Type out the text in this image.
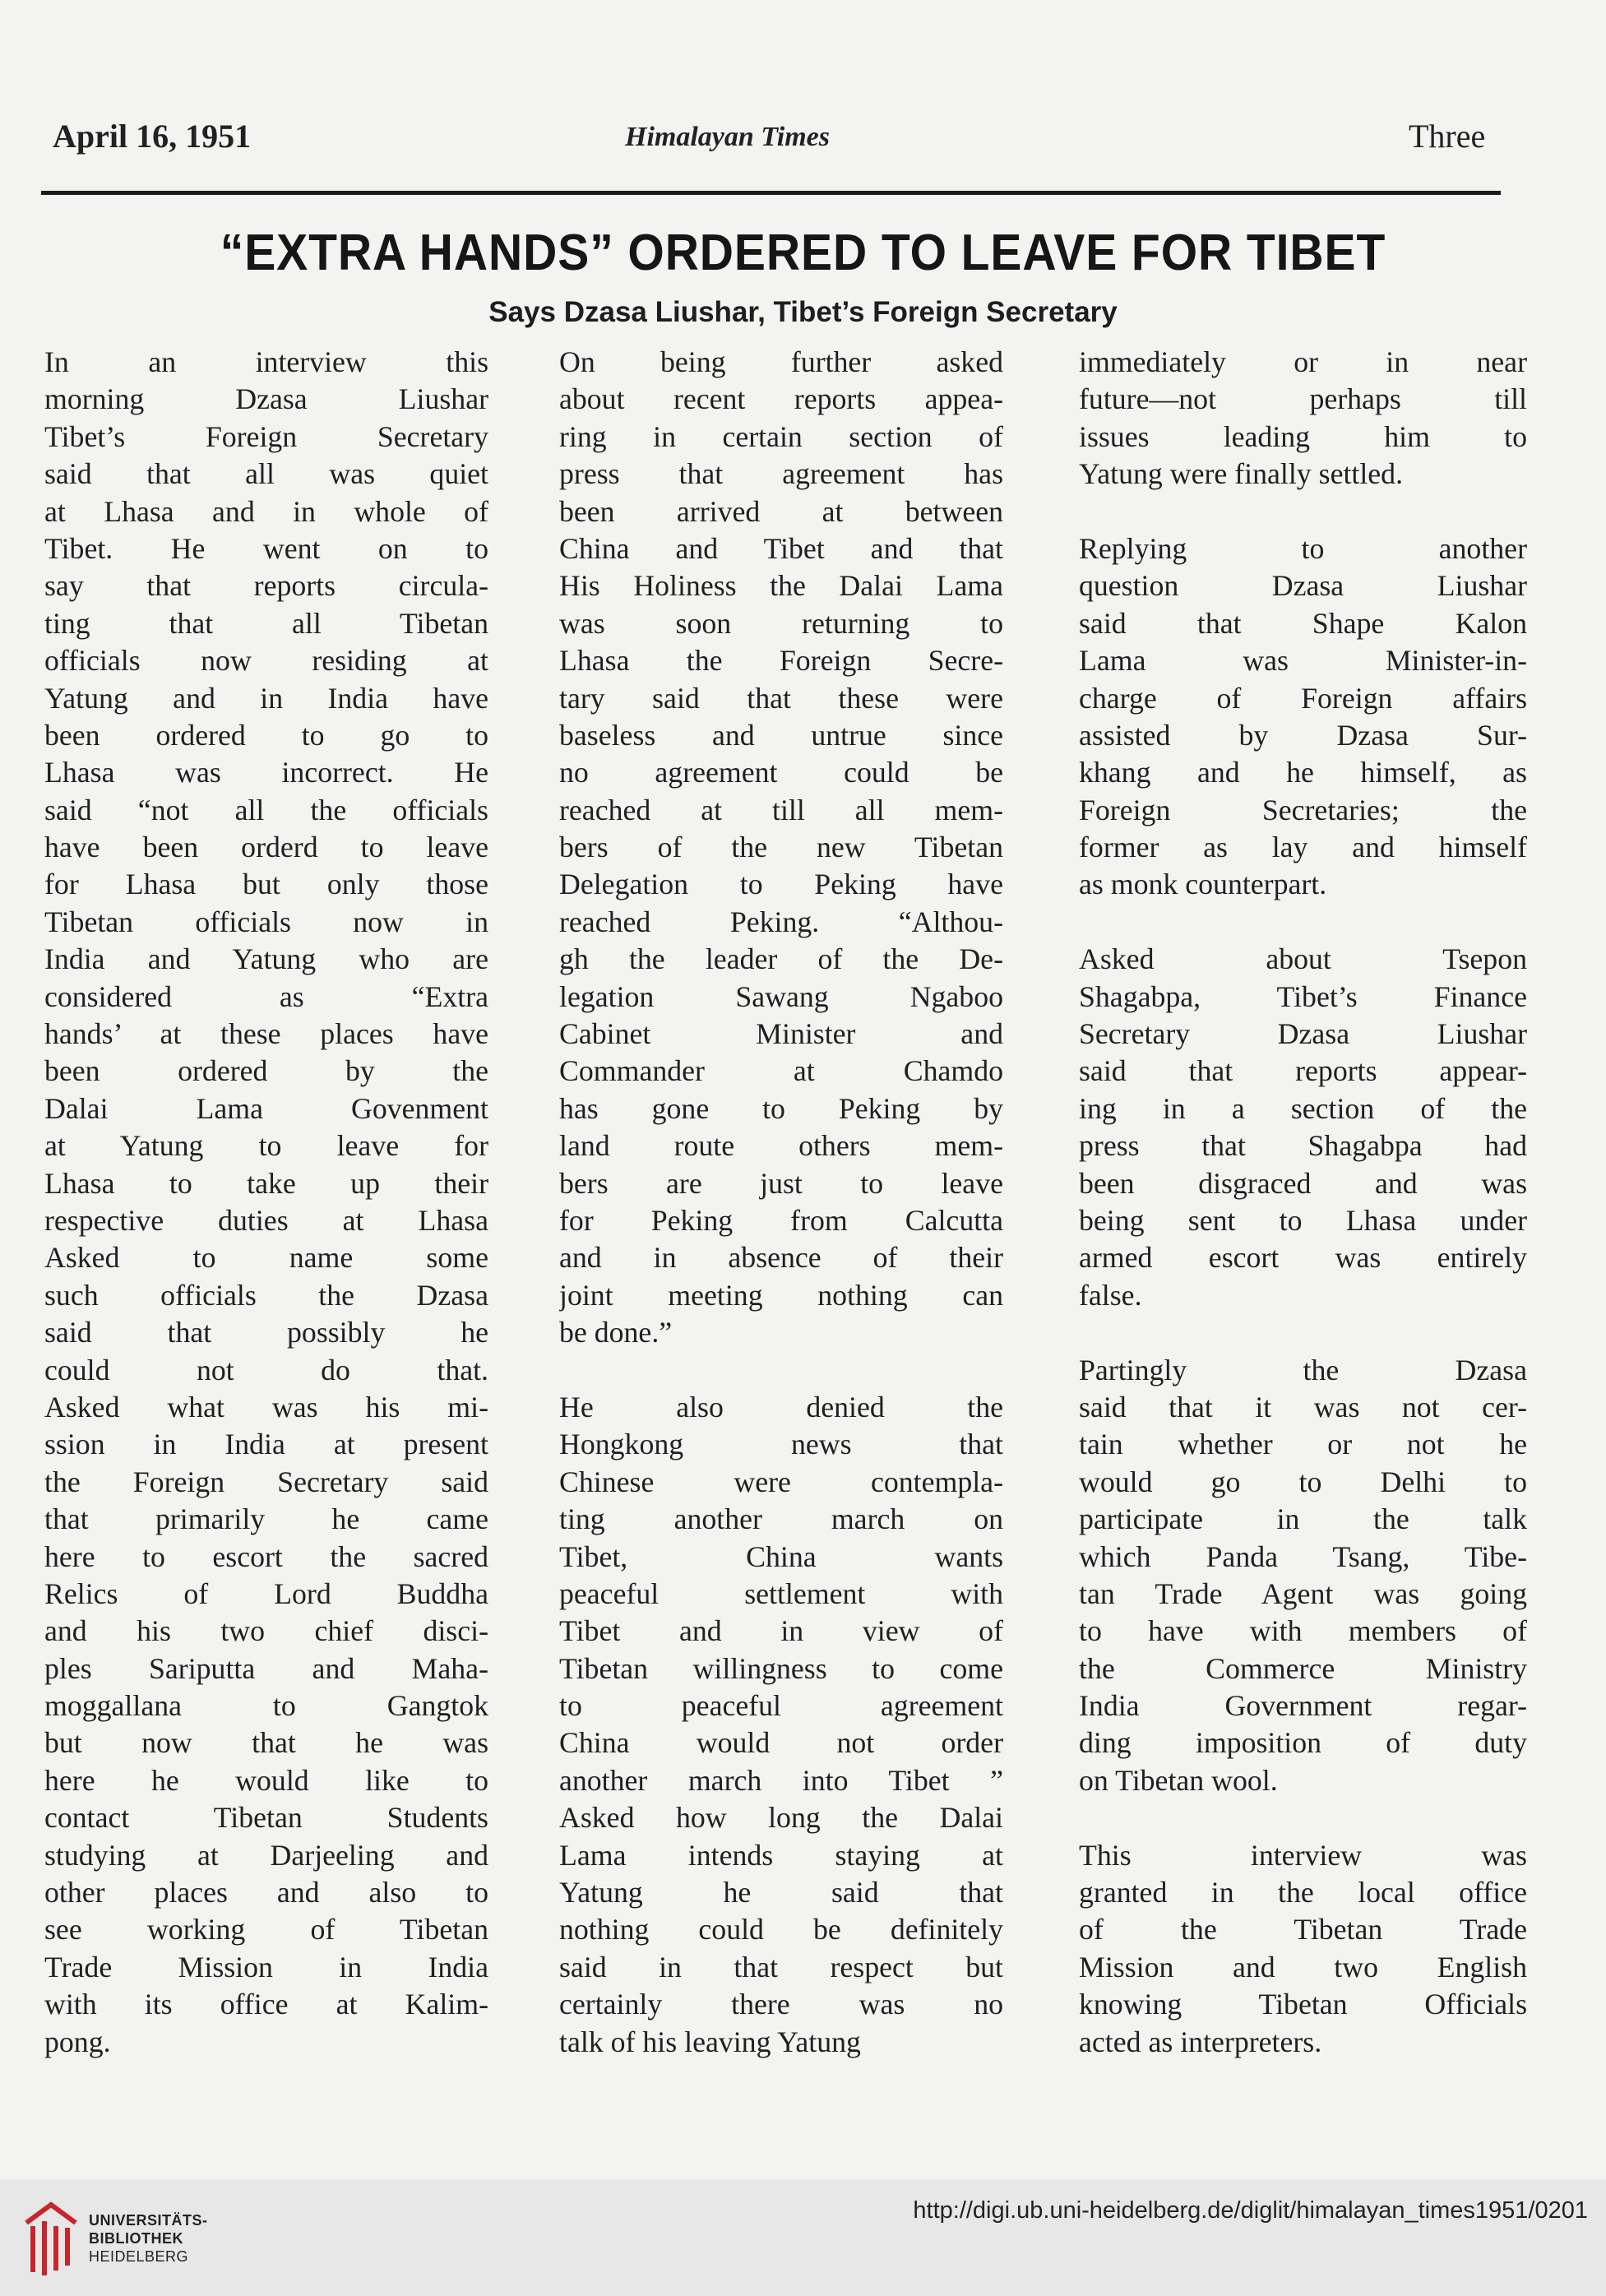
April 16, 1951	Himalayan Times	Three
“EXTRA HANDS” ORDERED TO LEAVE FOR TIBET
Says Dzasa Liushar, Tibet’s Foreign Secretary
In an interview this
morning Dzasa Liushar
Tibet’s Foreign Secretary
said that all was quiet
at Lhasa and in whole of
Tibet. He went on to
say that reports circula-
ting that all Tibetan
officials now residing at
Yatung and in India have
been ordered to go to
Lhasa was incorrect. He
said “not all the officials
have been orderd to leave
for Lhasa but only those
Tibetan officials now in
India and Yatung who are
considered as “Extra
hands’ at these places have
been ordered by the
Dalai Lama Govenment
at Yatung to leave for
Lhasa to take up their
respective duties at Lhasa
Asked to name some
such officials the Dzasa
said that possibly he
could not do that.
Asked what was his mi-
ssion in India at present
the Foreign Secretary said
that primarily he came
here to escort the sacred
Relics of Lord Buddha
and his two chief disci-
ples Sariputta and Maha-
moggallana to Gangtok
but now that he was
here he would like to
contact Tibetan Students
studying at Darjeeling and
other places and also to
see working of Tibetan
Trade Mission in India
with its office at Kalim-
pong.
On being further asked
about recent reports appea-
ring in certain section of
press that agreement has
been arrived at between
China and Tibet and that
His Holiness the Dalai Lama
was soon returning to
Lhasa the Foreign Secre-
tary said that these were
baseless and untrue since
no agreement could be
reached at till all mem-
bers of the new Tibetan
Delegation to Peking have
reached Peking. “Althou-
gh the leader of the De-
legation Sawang Ngaboo
Cabinet Minister and
Commander at Chamdo
has gone to Peking by
land route others mem-
bers are just to leave
for Peking from Calcutta
and in absence of their
joint meeting nothing can
be done.”
He also denied the
Hongkong news that
Chinese were contempla-
ting another march on
Tibet, China wants
peaceful settlement with
Tibet and in view of
Tibetan willingness to come
to peaceful agreement
China would not order
another march into Tibet ”
Asked how long the Dalai
Lama intends staying at
Yatung he said that
nothing could be definitely
said in that respect but
certainly there was no
talk of his leaving Yatung
immediately or in near
future—not perhaps till
issues leading him to
Yatung were finally settled.
Replying to another
question Dzasa Liushar
said that Shape Kalon
Lama was Minister-in-
charge of Foreign affairs
assisted by Dzasa Sur-
khang and he himself, as
Foreign Secretaries; the
former as lay and himself
as monk counterpart.
Asked about Tsepon
Shagabpa, Tibet’s Finance
Secretary Dzasa Liushar
said that reports appear-
ing in a section of the
press that Shagabpa had
been disgraced and was
being sent to Lhasa under
armed escort was entirely
false.
Partingly the Dzasa
said that it was not cer-
tain whether or not he
would go to Delhi to
participate in the talk
which Panda Tsang, Tibe-
tan Trade Agent was going
to have with members of
the Commerce Ministry
India Government regar-
ding imposition of duty
on Tibetan wool.
This interview was
granted in the local office
of the Tibetan Trade
Mission and two English
knowing Tibetan Officials
acted as interpreters.
UNIVERSITÄTS-
BIBLIOTHEK
HEIDELBERG
http://digi.ub.uni-heidelberg.de/diglit/himalayan_times1951/0201
